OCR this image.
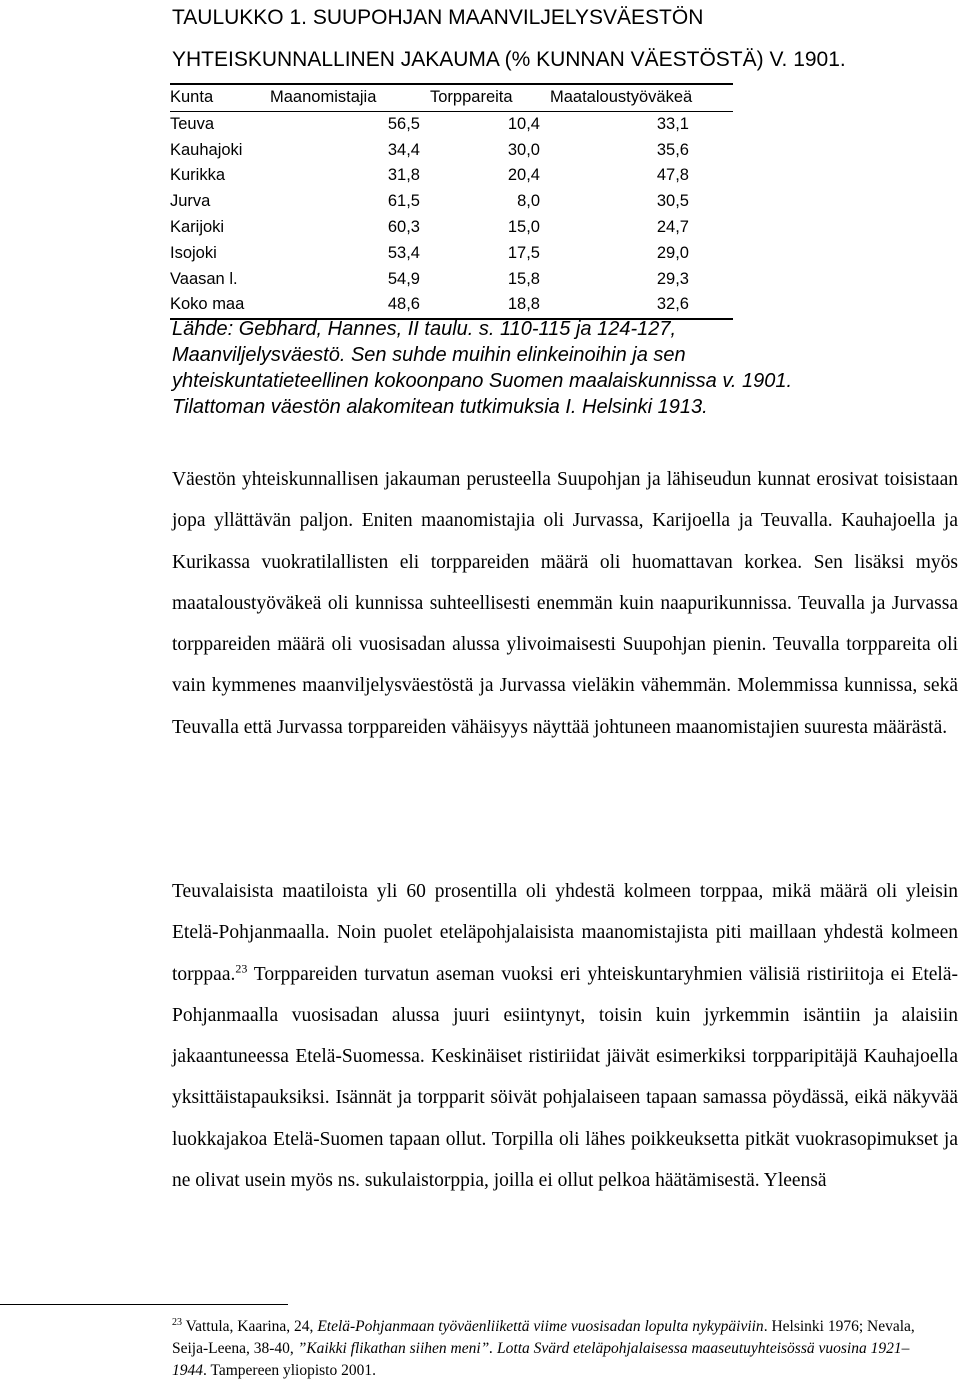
TAULUKKO 1. SUUPOHJAN MAANVILJELYSVÄESTÖN
YHTEISKUNNALLINEN JAKAUMA (% KUNNAN VÄESTÖSTÄ) V. 1901.
Kunta	Maanomistajia	Torppareita	Maataloustyöväkeä
Teuva	56,5	10,4	33,1
Kauhajoki	34,4	30,0	35,6
Kurikka	31,8	20,4	47,8
Jurva	61,5	8,0	30,5
Karijoki	60,3	15,0	24,7
Isojoki	53,4	17,5	29,0
Vaasan l.	54,9	15,8	29,3
Koko maa	48,6	18,8	32,6
Lähde: Gebhard, Hannes, II taulu. s. 110-115 ja 124-127,
Maanviljelysväestö. Sen suhde muihin elinkeinoihin ja sen
yhteiskuntatieteellinen kokoonpano Suomen maalaiskunnissa v. 1901.
Tilattoman väestön alakomitean tutkimuksia I. Helsinki 1913.
Väestön yhteiskunnallisen jakauman perusteella Suupohjan ja lähiseudun kunnat erosivat toisistaan jopa yllättävän paljon. Eniten maanomistajia oli Jurvassa, Karijoella ja Teuvalla. Kauhajoella ja Kurikassa vuokratilallisten eli torppareiden määrä oli huomattavan korkea. Sen lisäksi myös maataloustyöväkeä oli kunnissa suhteellisesti enemmän kuin naapurikunnissa. Teuvalla ja Jurvassa torppareiden määrä oli vuosisadan alussa ylivoimaisesti Suupohjan pienin. Teuvalla torppareita oli vain kymmenes maanviljelysväestöstä ja Jurvassa vieläkin vähemmän. Molemmissa kunnissa, sekä Teuvalla että Jurvassa torppareiden vähäisyys näyttää johtuneen maanomistajien suuresta määrästä.
Teuvalaisista maatiloista yli 60 prosentilla oli yhdestä kolmeen torppaa, mikä määrä oli yleisin Etelä-Pohjanmaalla. Noin puolet eteläpohjalaisista maanomistajista piti maillaan yhdestä kolmeen torppaa.$^{23}$ Torppareiden turvatun aseman vuoksi eri yhteiskuntaryhmien välisiä ristiriitoja ei Etelä-Pohjanmaalla vuosisadan alussa juuri esiintynyt, toisin kuin jyrkemmin isäntiin ja alaisiin jakaantuneessa Etelä-Suomessa. Keskinäiset ristiriidat jäivät esimerkiksi torpparipitäjä Kauhajoella yksittäistapauksiksi. Isännät ja torpparit söivät pohjalaiseen tapaan samassa pöydässä, eikä näkyvää luokkajakoa Etelä-Suomen tapaan ollut. Torpilla oli lähes poikkeuksetta pitkät vuokrasopimukset ja ne olivat usein myös ns. sukulaistorppia, joilla ei ollut pelkoa häätämisestä. Yleensä
$^{23}$ Vattula, Kaarina, 24, Etelä-Pohjanmaan työväenliikettä viime vuosisadan lopulta nykypäiviin. Helsinki 1976; Nevala, Seija-Leena, 38-40, ”Kaikki flikathan siihen meni”. Lotta Svärd eteläpohjalaisessa maaseutuyhteisössä vuosina 1921–1944. Tampereen yliopisto 2001.
